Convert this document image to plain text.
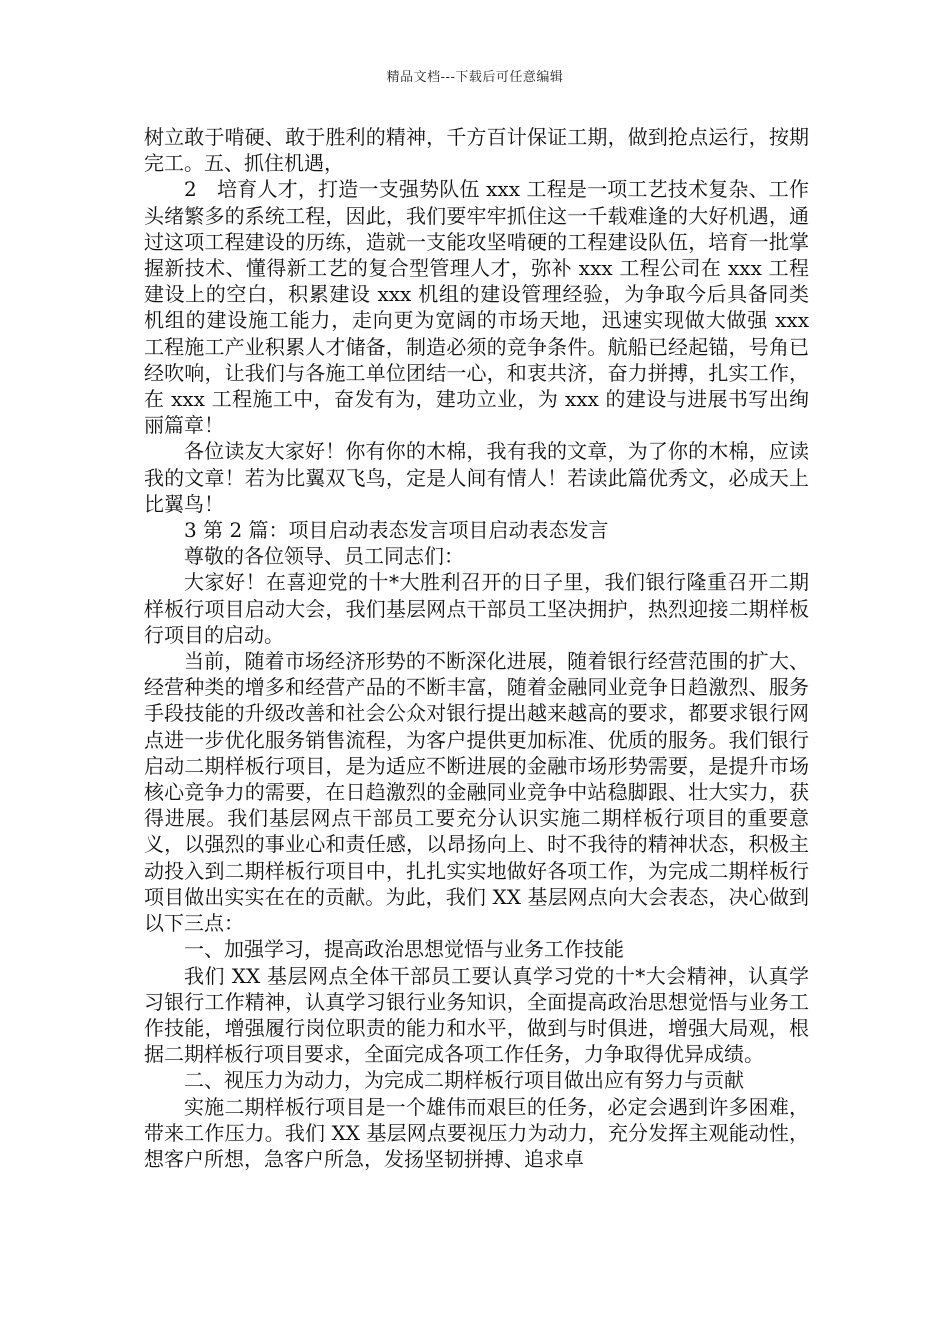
精品文档---下载后可任意编辑

树立敢于啃硬、敢于胜利的精神，千方百计保证工期，做到抢点运行，按期完工。五、抓住机遇，

2　培育人才，打造一支强势队伍 xxx 工程是一项工艺技术复杂、工作头绪繁多的系统工程，因此，我们要牢牢抓住这一千载难逢的大好机遇，通过这项工程建设的历练，造就一支能攻坚啃硬的工程建设队伍，培育一批掌握新技术、懂得新工艺的复合型管理人才，弥补 xxx 工程公司在 xxx 工程建设上的空白，积累建设 xxx 机组的建设管理经验，为争取今后具备同类机组的建设施工能力，走向更为宽阔的市场天地，迅速实现做大做强 xxx 工程施工产业积累人才储备，制造必须的竞争条件。航船已经起锚，号角已经吹响，让我们与各施工单位团结一心，和衷共济，奋力拼搏，扎实工作，在 xxx 工程施工中，奋发有为，建功立业，为 xxx 的建设与进展书写出绚丽篇章！

各位读友大家好！你有你的木棉，我有我的文章，为了你的木棉，应读我的文章！若为比翼双飞鸟，定是人间有情人！若读此篇优秀文，必成天上比翼鸟！

3 第 2 篇：项目启动表态发言项目启动表态发言

尊敬的各位领导、员工同志们：

大家好！在喜迎党的十*大胜利召开的日子里，我们银行隆重召开二期样板行项目启动大会，我们基层网点干部员工坚决拥护，热烈迎接二期样板行项目的启动。

当前，随着市场经济形势的不断深化进展，随着银行经营范围的扩大、经营种类的增多和经营产品的不断丰富，随着金融同业竞争日趋激烈、服务手段技能的升级改善和社会公众对银行提出越来越高的要求，都要求银行网点进一步优化服务销售流程，为客户提供更加标准、优质的服务。我们银行启动二期样板行项目，是为适应不断进展的金融市场形势需要，是提升市场核心竞争力的需要，在日趋激烈的金融同业竞争中站稳脚跟、壮大实力，获得进展。我们基层网点干部员工要充分认识实施二期样板行项目的重要意义，以强烈的事业心和责任感，以昂扬向上、时不我待的精神状态，积极主动投入到二期样板行项目中，扎扎实实地做好各项工作，为完成二期样板行项目做出实实在在的贡献。为此，我们 XX 基层网点向大会表态，决心做到以下三点：

一、加强学习，提高政治思想觉悟与业务工作技能

我们 XX 基层网点全体干部员工要认真学习党的十*大会精神，认真学习银行工作精神，认真学习银行业务知识，全面提高政治思想觉悟与业务工作技能，增强履行岗位职责的能力和水平，做到与时俱进，增强大局观，根据二期样板行项目要求，全面完成各项工作任务，力争取得优异成绩。

二、视压力为动力，为完成二期样板行项目做出应有努力与贡献

实施二期样板行项目是一个雄伟而艰巨的任务，必定会遇到许多困难，带来工作压力。我们 XX 基层网点要视压力为动力，充分发挥主观能动性，想客户所想，急客户所急，发扬坚韧拼搏、追求卓
